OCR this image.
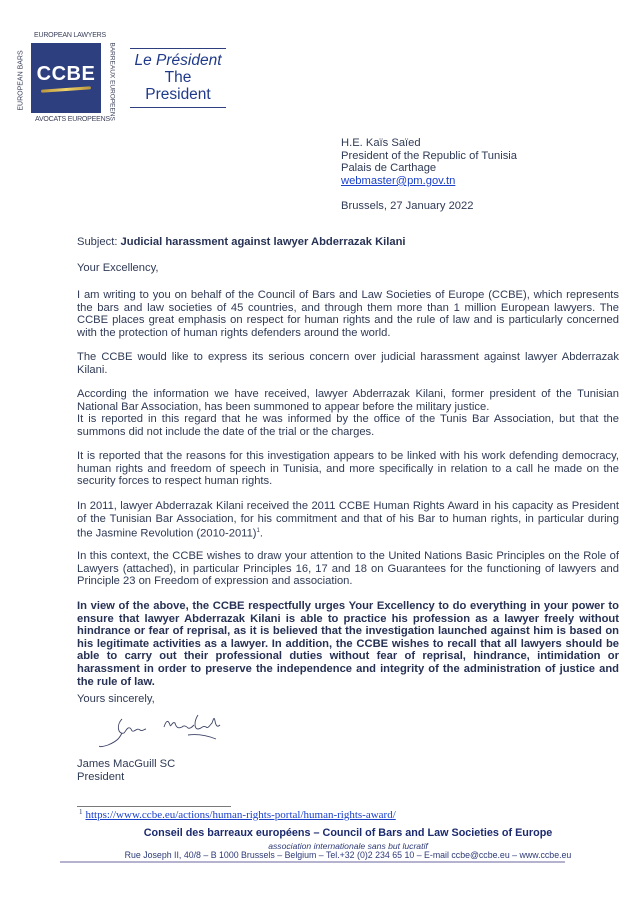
EUROPEAN LAWYERS
EUROPEAN BARS CCBE	BARREAUX EUROPEENS
AVOCATS EUROPEENS
Le Président
The President
H.E. Kaïs Saïed
President of the Republic of Tunisia
Palais de Carthage
webmaster@pm.gov.tn
Brussels, 27 January 2022
Subject: Judicial harassment against lawyer Abderrazak Kilani
Your Excellency,
I am writing to you on behalf of the Council of Bars and Law Societies of Europe (CCBE), which represents the bars and law societies of 45 countries, and through them more than 1 million European lawyers. The CCBE places great emphasis on respect for human rights and the rule of law and is particularly concerned with the protection of human rights defenders around the world.
The CCBE would like to express its serious concern over judicial harassment against lawyer Abderrazak Kilani.
According the information we have received, lawyer Abderrazak Kilani, former president of the Tunisian National Bar Association, has been summoned to appear before the military justice.
It is reported in this regard that he was informed by the office of the Tunis Bar Association, but that the summons did not include the date of the trial or the charges.
It is reported that the reasons for this investigation appears to be linked with his work defending democracy, human rights and freedom of speech in Tunisia, and more specifically in relation to a call he made on the security forces to respect human rights.
In 2011, lawyer Abderrazak Kilani received the 2011 CCBE Human Rights Award in his capacity as President of the Tunisian Bar Association, for his commitment and that of his Bar to human rights, in particular during the Jasmine Revolution (2010-2011)$^1$.
In this context, the CCBE wishes to draw your attention to the United Nations Basic Principles on the Role of Lawyers (attached), in particular Principles 16, 17 and 18 on Guarantees for the functioning of lawyers and Principle 23 on Freedom of expression and association.
In view of the above, the CCBE respectfully urges Your Excellency to do everything in your power to ensure that lawyer Abderrazak Kilani is able to practice his profession as a lawyer freely without hindrance or fear of reprisal, as it is believed that the investigation launched against him is based on his legitimate activities as a lawyer. In addition, the CCBE wishes to recall that all lawyers should be able to carry out their professional duties without fear of reprisal, hindrance, intimidation or harassment in order to preserve the independence and integrity of the administration of justice and the rule of law.
Yours sincerely,
James MacGuill SC
President
$^1$ https://www.ccbe.eu/actions/human-rights-portal/human-rights-award/
Conseil des barreaux européens – Council of Bars and Law Societies of Europe
association internationale sans but lucratif
Rue Joseph II, 40/8 – B 1000 Brussels – Belgium – Tel.+32 (0)2 234 65 10 – E-mail ccbe@ccbe.eu – www.ccbe.eu
